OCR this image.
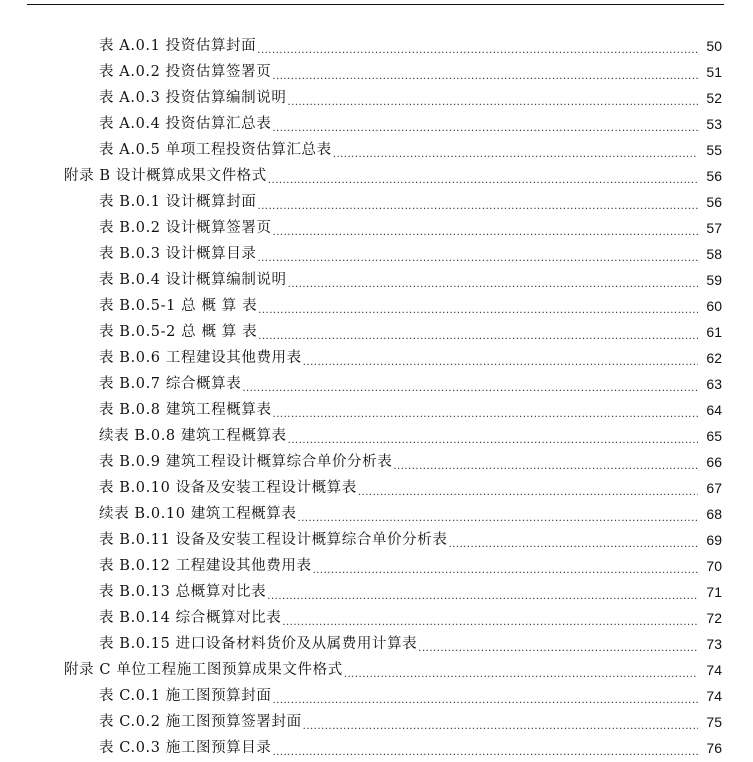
表 A.0.1 投资估算封面 .....	50
表 A.0.2 投资估算签署页 .....	51
表 A.0.3 投资估算编制说明 .....	52
表 A.0.4 投资估算汇总表 .....	53
表 A.0.5 单项工程投资估算汇总表 .....	55
附录 B 设计概算成果文件格式 .....	56
表 B.0.1 设计概算封面 .....	56
表 B.0.2 设计概算签署页 .....	57
表 B.0.3 设计概算目录 .....	58
表 B.0.4 设计概算编制说明 .....	59
表 B.0.5-1 总 概 算 表 .....	60
表 B.0.5-2 总 概 算 表 .....	61
表 B.0.6 工程建设其他费用表 .....	62
表 B.0.7 综合概算表 .....	63
表 B.0.8 建筑工程概算表 .....	64
续表 B.0.8 建筑工程概算表 .....	65
表 B.0.9 建筑工程设计概算综合单价分析表 .....	66
表 B.0.10 设备及安装工程设计概算表 .....	67
续表 B.0.10 建筑工程概算表 .....	68
表 B.0.11 设备及安装工程设计概算综合单价分析表 .....	69
表 B.0.12 工程建设其他费用表 .....	70
表 B.0.13 总概算对比表 .....	71
表 B.0.14 综合概算对比表 .....	72
表 B.0.15 进口设备材料货价及从属费用计算表 .....	73
附录 C 单位工程施工图预算成果文件格式 .....	74
表 C.0.1 施工图预算封面 .....	74
表 C.0.2 施工图预算签署封面 .....	75
表 C.0.3 施工图预算目录 .....	76
